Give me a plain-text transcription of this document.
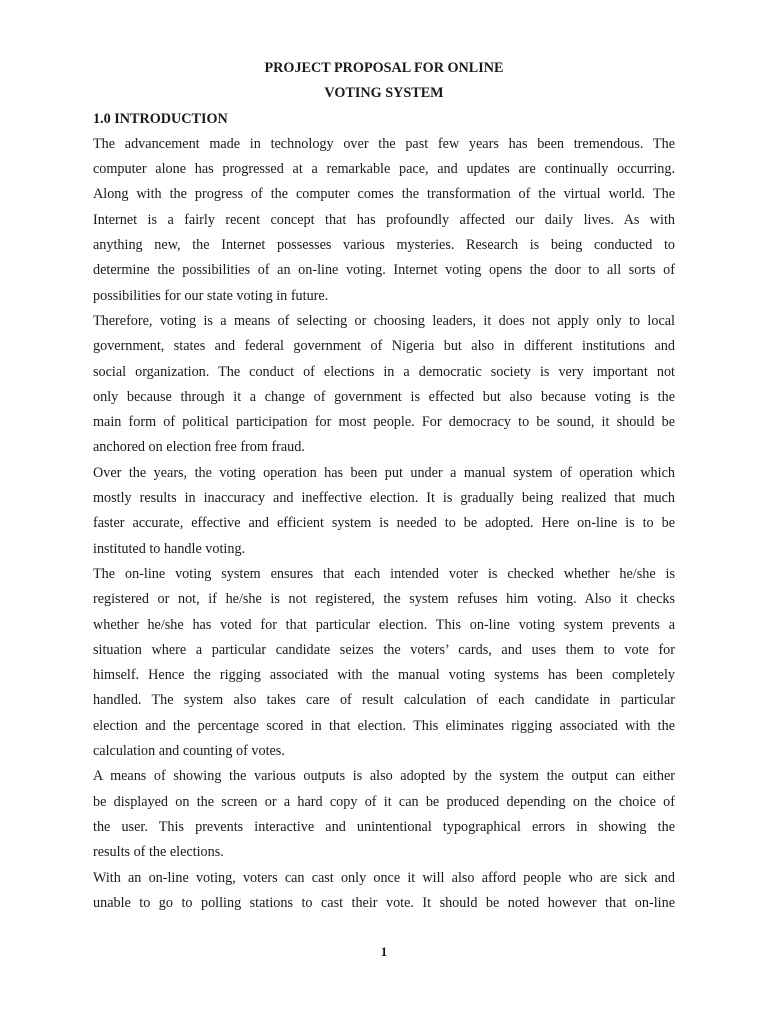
PROJECT PROPOSAL FOR ONLINE

VOTING SYSTEM

1.0 INTRODUCTION

The advancement made in technology over the past few years has been tremendous. The
computer alone has progressed at a remarkable pace, and updates are continually occurring.
Along with the progress of the computer comes the transformation of the virtual world. The
Internet is a fairly recent concept that has profoundly affected our daily lives. As with
anything new, the Internet possesses various mysteries. Research is being conducted to
determine the possibilities of an on-line voting. Internet voting opens the door to all sorts of
possibilities for our state voting in future.

Therefore, voting is a means of selecting or choosing leaders, it does not apply only to local
government, states and federal government of Nigeria but also in different institutions and
social organization. The conduct of elections in a democratic society is very important not
only because through it a change of government is effected but also because voting is the
main form of political participation for most people. For democracy to be sound, it should be
anchored on election free from fraud.

Over the years, the voting operation has been put under a manual system of operation which
mostly results in inaccuracy and ineffective election. It is gradually being realized that much
faster accurate, effective and efficient system is needed to be adopted. Here on-line is to be
instituted to handle voting.

The on-line voting system ensures that each intended voter is checked whether he/she is
registered or not, if he/she is not registered, the system refuses him voting. Also it checks
whether he/she has voted for that particular election. This on-line voting system prevents a
situation where a particular candidate seizes the voters’ cards, and uses them to vote for
himself. Hence the rigging associated with the manual voting systems has been completely
handled. The system also takes care of result calculation of each candidate in particular
election and the percentage scored in that election. This eliminates rigging associated with the
calculation and counting of votes.

A means of showing the various outputs is also adopted by the system the output can either
be displayed on the screen or a hard copy of it can be produced depending on the choice of
the user. This prevents interactive and unintentional typographical errors in showing the
results of the elections.

With an on-line voting, voters can cast only once it will also afford people who are sick and
unable to go to polling stations to cast their vote. It should be noted however that on-line

1
